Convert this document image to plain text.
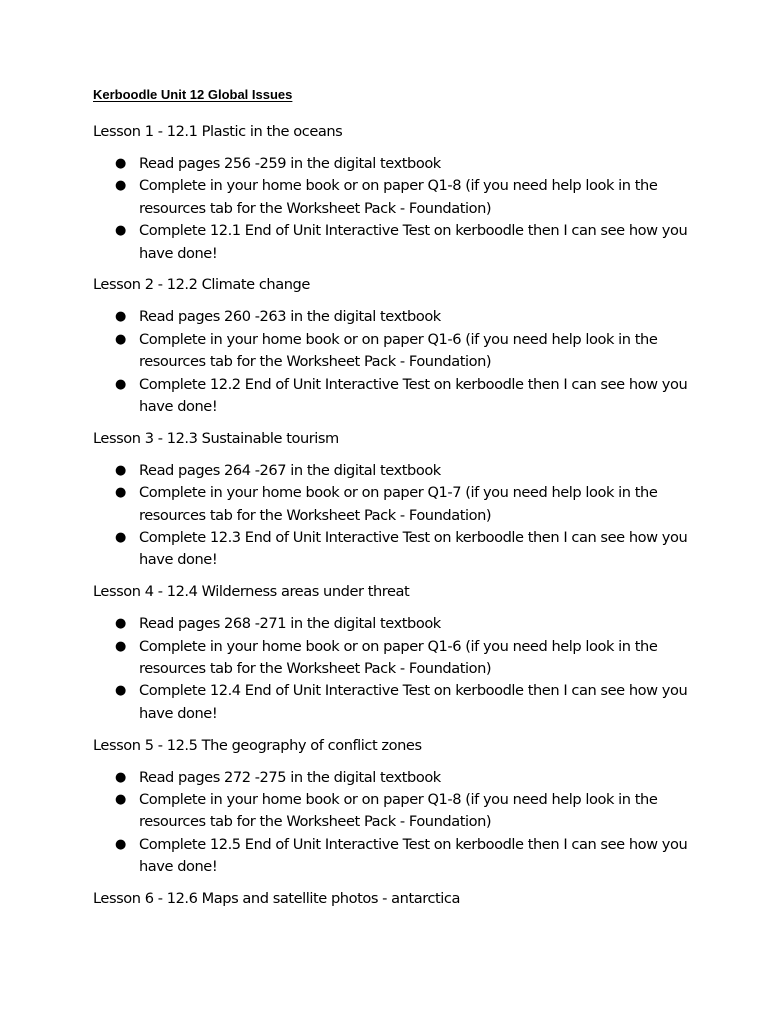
Kerboodle Unit 12 Global Issues

Lesson 1 - 12.1 Plastic in the oceans

● Read pages 256 -259 in the digital textbook
● Complete in your home book or on paper Q1-8 (if you need help look in the resources tab for the Worksheet Pack - Foundation)
● Complete 12.1 End of Unit Interactive Test on kerboodle then I can see how you have done!

Lesson 2 - 12.2 Climate change

● Read pages 260 -263 in the digital textbook
● Complete in your home book or on paper Q1-6 (if you need help look in the resources tab for the Worksheet Pack - Foundation)
● Complete 12.2 End of Unit Interactive Test on kerboodle then I can see how you have done!

Lesson 3 - 12.3 Sustainable tourism

● Read pages 264 -267 in the digital textbook
● Complete in your home book or on paper Q1-7 (if you need help look in the resources tab for the Worksheet Pack - Foundation)
● Complete 12.3 End of Unit Interactive Test on kerboodle then I can see how you have done!

Lesson 4 - 12.4 Wilderness areas under threat

● Read pages 268 -271 in the digital textbook
● Complete in your home book or on paper Q1-6 (if you need help look in the resources tab for the Worksheet Pack - Foundation)
● Complete 12.4 End of Unit Interactive Test on kerboodle then I can see how you have done!

Lesson 5 - 12.5 The geography of conflict zones

● Read pages 272 -275 in the digital textbook
● Complete in your home book or on paper Q1-8 (if you need help look in the resources tab for the Worksheet Pack - Foundation)
● Complete 12.5 End of Unit Interactive Test on kerboodle then I can see how you have done!

Lesson 6 - 12.6 Maps and satellite photos - antarctica
